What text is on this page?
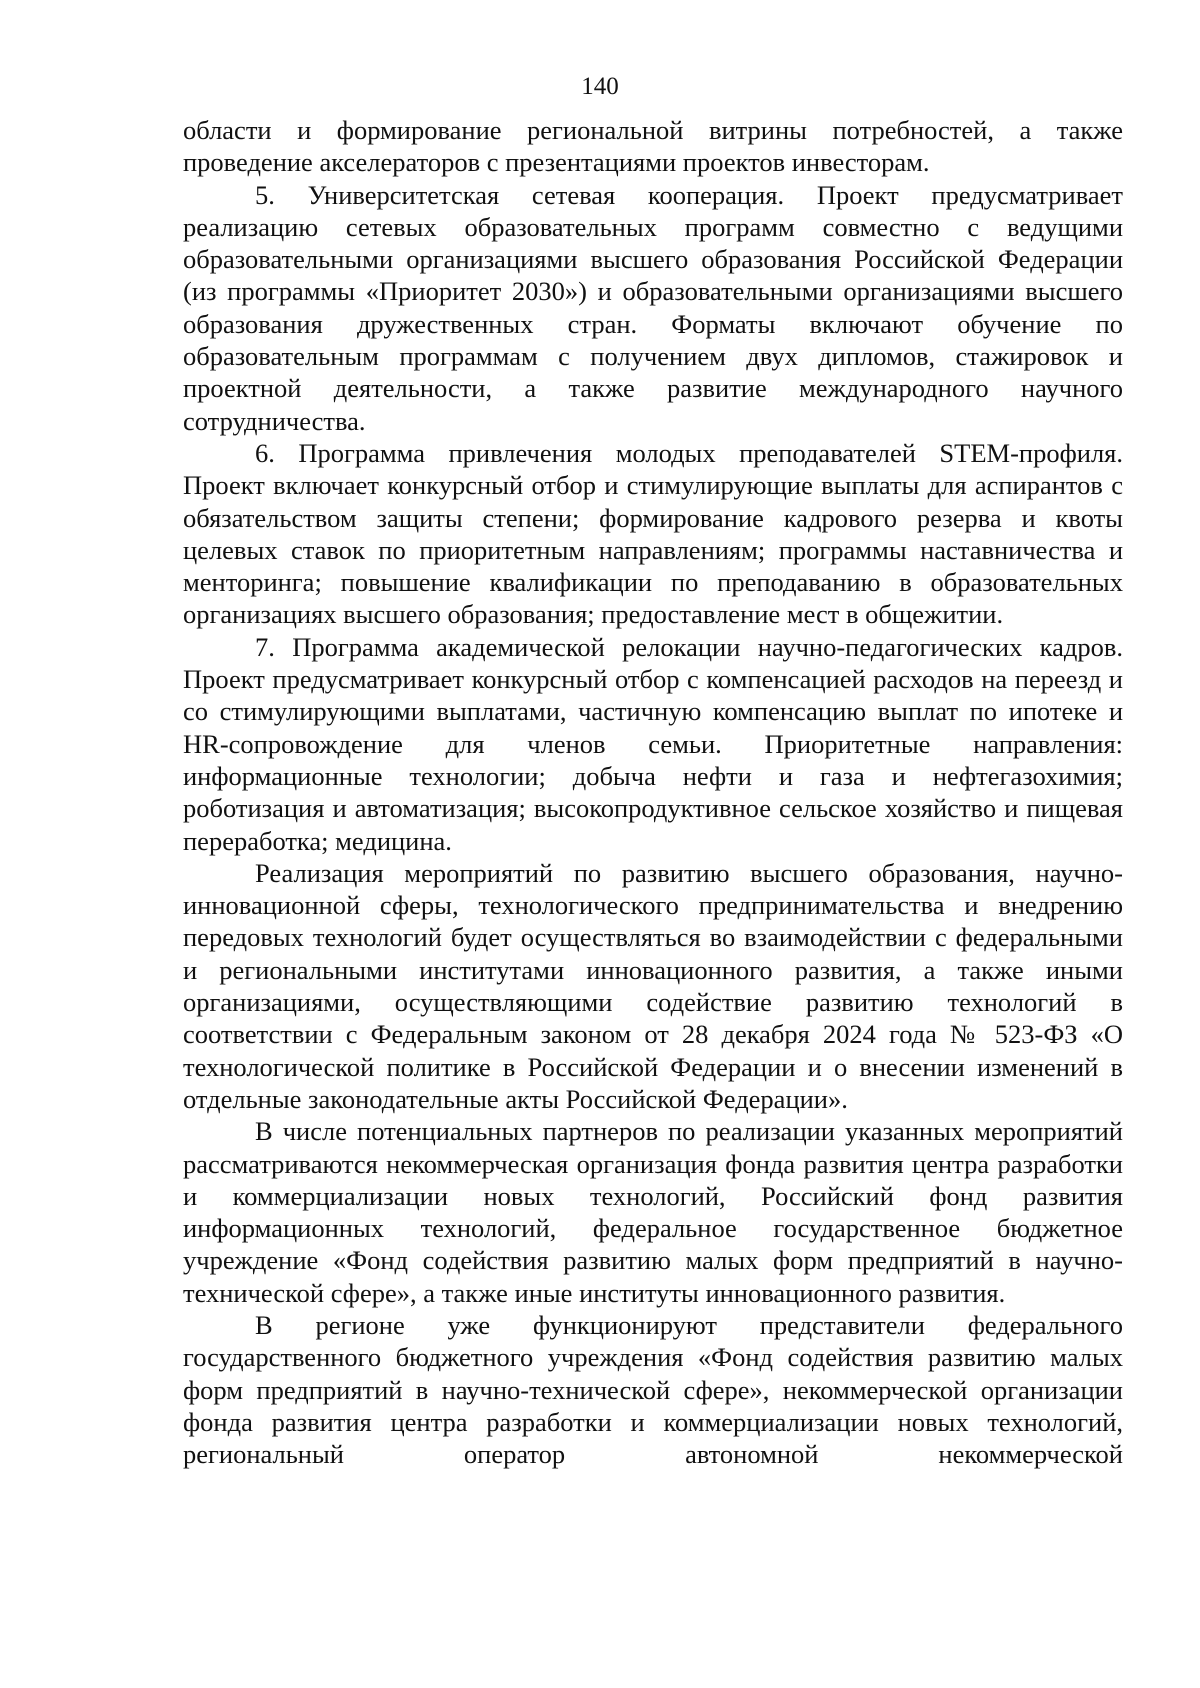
140

области и формирование региональной витрины потребностей, а также проведение акселераторов с презентациями проектов инвесторам.

5. Университетская сетевая кооперация. Проект предусматривает реализацию сетевых образовательных программ совместно с ведущими образовательными организациями высшего образования Российской Федерации (из программы «Приоритет 2030») и образовательными организациями высшего образования дружественных стран. Форматы включают обучение по образовательным программам с получением двух дипломов, стажировок и проектной деятельности, а также развитие международного научного сотрудничества.

6. Программа привлечения молодых преподавателей STEM-профиля. Проект включает конкурсный отбор и стимулирующие выплаты для аспирантов с обязательством защиты степени; формирование кадрового резерва и квоты целевых ставок по приоритетным направлениям; программы наставничества и менторинга; повышение квалификации по преподаванию в образовательных организациях высшего образования; предоставление мест в общежитии.

7. Программа академической релокации научно-педагогических кадров. Проект предусматривает конкурсный отбор с компенсацией расходов на переезд и со стимулирующими выплатами, частичную компенсацию выплат по ипотеке и HR-сопровождение для членов семьи. Приоритетные направления: информационные технологии; добыча нефти и газа и нефтегазохимия; роботизация и автоматизация; высокопродуктивное сельское хозяйство и пищевая переработка; медицина.

Реализация мероприятий по развитию высшего образования, научно-инновационной сферы, технологического предпринимательства и внедрению передовых технологий будет осуществляться во взаимодействии с федеральными и региональными институтами инновационного развития, а также иными организациями, осуществляющими содействие развитию технологий в соответствии с Федеральным законом от 28 декабря 2024 года № 523-ФЗ «О технологической политике в Российской Федерации и о внесении изменений в отдельные законодательные акты Российской Федерации».

В числе потенциальных партнеров по реализации указанных мероприятий рассматриваются некоммерческая организация фонда развития центра разработки и коммерциализации новых технологий, Российский фонд развития информационных технологий, федеральное государственное бюджетное учреждение «Фонд содействия развитию малых форм предприятий в научно-технической сфере», а также иные институты инновационного развития.

В регионе уже функционируют представители федерального государственного бюджетного учреждения «Фонд содействия развитию малых форм предприятий в научно-технической сфере», некоммерческой организации фонда развития центра разработки и коммерциализации новых технологий, региональный оператор автономной некоммерческой
